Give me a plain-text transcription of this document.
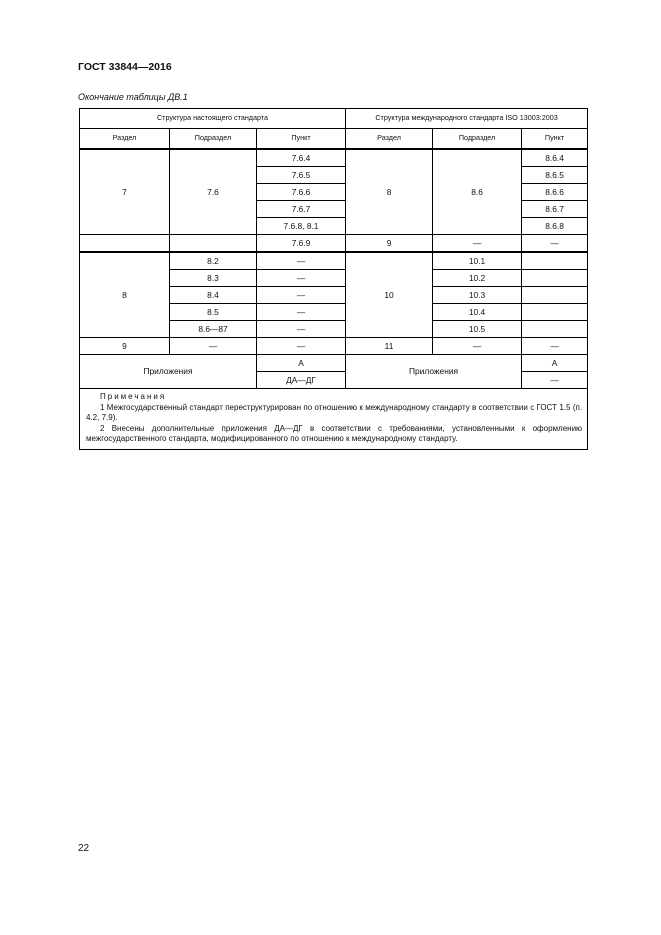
ГОСТ 33844—2016
Окончание таблицы ДВ.1
Структура настоящего стандарта			Структура международного стандарта ISO 13003:2003		
Раздел	Подраздел	Пункт	Раздел	Подраздел	Пункт
7	7.6	7.6.4	8	8.6	8.6.4
		7.6.5			8.6.5
		7.6.6			8.6.6
		7.6.7			8.6.7
		7.6.8, 8.1			8.6.8
		7.6.9	9	—	—
8	8.2	—	10	10.1	
	8.3	—		10.2	
	8.4	—		10.3	
	8.5	—		10.4	
	8.6—87	—		10.5	
9	—	—	11	—	—
Приложения		А	Приложения		А
		ДА—ДГ			—

Примечания
1 Межгосударственный стандарт переструктурирован по отношению к международному стандарту в соответствии с ГОСТ 1.5 (п. 4.2, 7.9).
2 Внесены дополнительные приложения ДА—ДГ в соответствии с требованиями, установленными к оформлению межгосударственного стандарта, модифицированного по отношению к международному стандарту.					
22
